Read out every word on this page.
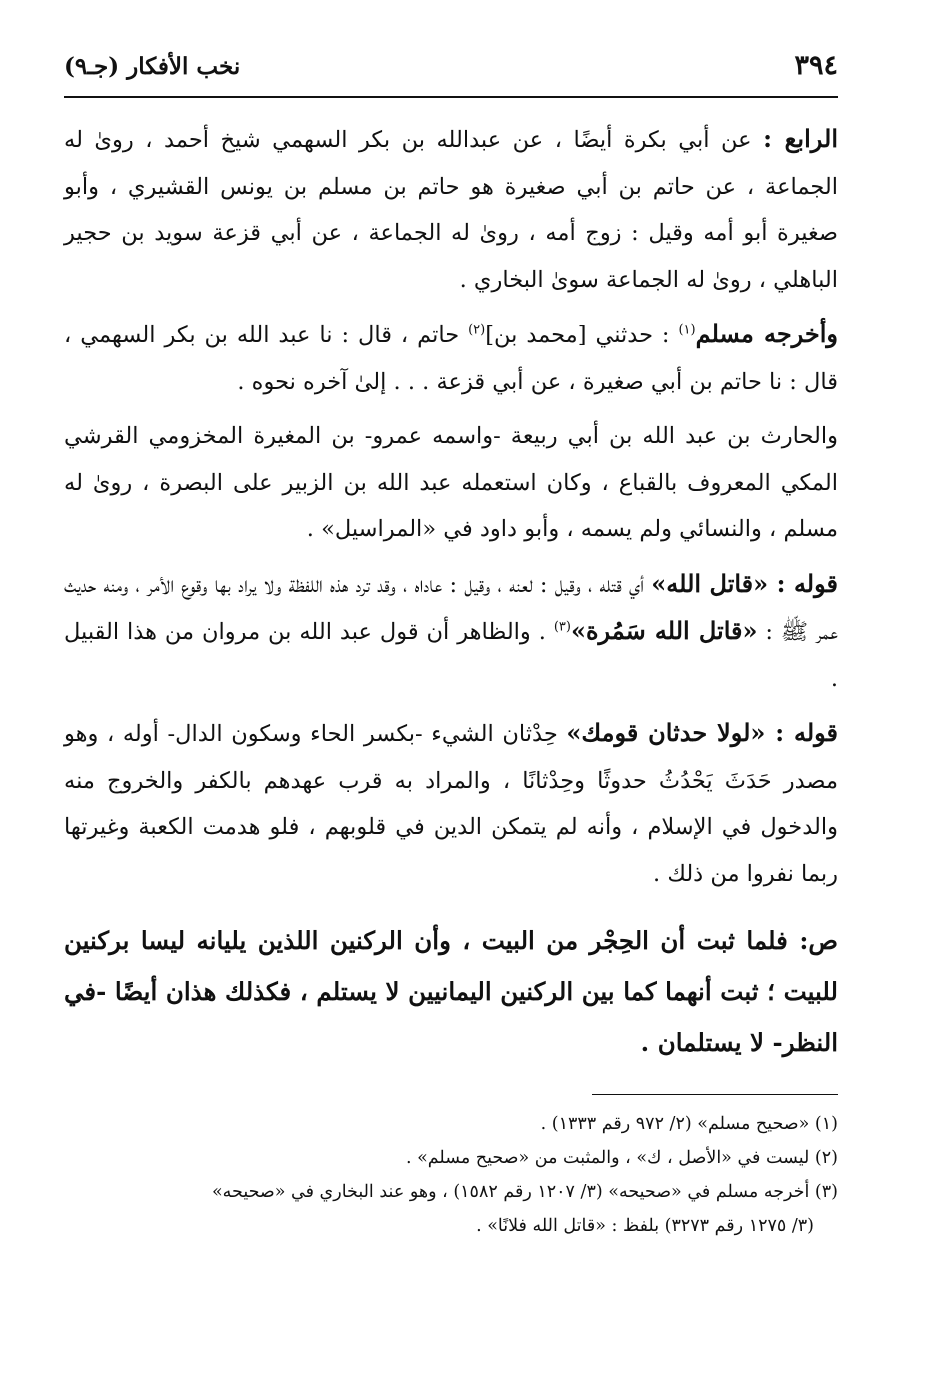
٣٩٤
نخب الأفكار (جـ٩)

الرابع : عن أبي بكرة أيضًا ، عن عبدالله بن بكر السهمي شيخ أحمد ، روىٰ له الجماعة ، عن حاتم بن أبي صغيرة هو حاتم بن مسلم بن يونس القشيري ، وأبو صغيرة أبو أمه وقيل : زوج أمه ، روىٰ له الجماعة ، عن أبي قزعة سويد بن حجير الباهلي ، روىٰ له الجماعة سوىٰ البخاري .

وأخرجه مسلم$^{(١)}$ : حدثني [محمد بن]$^{(٢)}$ حاتم ، قال : نا عبد الله بن بكر السهمي ، قال : نا حاتم بن أبي صغيرة ، عن أبي قزعة . . . إلىٰ آخره نحوه .

والحارث بن عبد الله بن أبي ربيعة -واسمه عمرو- بن المغيرة المخزومي القرشي المكي المعروف بالقباع ، وكان استعمله عبد الله بن الزبير على البصرة ، روىٰ له مسلم ، والنسائي ولم يسمه ، وأبو داود في «المراسيل» .

قوله : «قاتل الله» أي قتله ، وقيل : لعنه ، وقيل : عاداه ، وقد ترد هذه اللفظة ولا يراد بها وقوع الأمر ، ومنه حديث عمر ﷺ : «قاتل الله سَمُرة»$^{(٣)}$ . والظاهر أن قول عبد الله بن مروان من هذا القبيل .

قوله : «لولا حدثان قومك» حِدْثان الشيء -بكسر الحاء وسكون الدال- أوله ، وهو مصدر حَدَثَ يَحْدُثُ حدوثًا وحِدْثانًا ، والمراد به قرب عهدهم بالكفر والخروج منه والدخول في الإسلام ، وأنه لم يتمكن الدين في قلوبهم ، فلو هدمت الكعبة وغيرتها ربما نفروا من ذلك .

ص: فلما ثبت أن الحِجْر من البيت ، وأن الركنين اللذين يليانه ليسا بركنين للبيت ؛ ثبت أنهما كما بين الركنين اليمانيين لا يستلم ، فكذلك هذان أيضًا -في النظر- لا يستلمان .

(١) «صحيح مسلم» (٢/ ٩٧٢ رقم ١٣٣٣) .

(٢) ليست في «الأصل ، ك» ، والمثبت من «صحيح مسلم» .

(٣) أخرجه مسلم في «صحيحه» (٣/ ١٢٠٧ رقم ١٥٨٢) ، وهو عند البخاري في «صحيحه»

(٣/ ١٢٧٥ رقم ٣٢٧٣) بلفظ : «قاتل الله فلانًا» .
